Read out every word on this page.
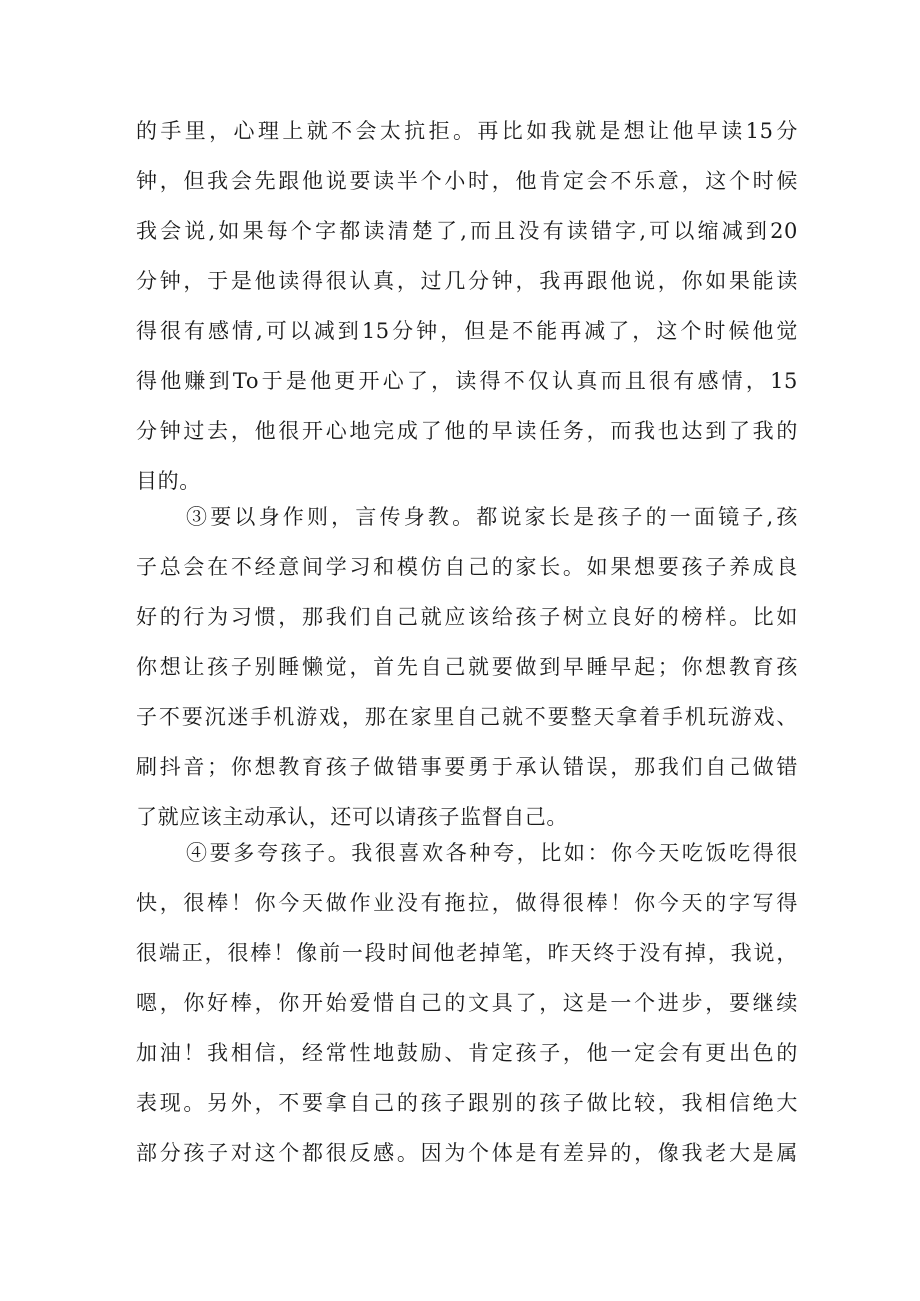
的手里，心理上就不会太抗拒。再比如我就是想让他早读15分
钟，但我会先跟他说要读半个小时，他肯定会不乐意，这个时候
我会说,如果每个字都读清楚了,而且没有读错字,可以缩减到20
分钟，于是他读得很认真，过几分钟，我再跟他说，你如果能读
得很有感情,可以减到15分钟，但是不能再减了，这个时候他觉
得他赚到To于是他更开心了，读得不仅认真而且很有感情，15
分钟过去，他很开心地完成了他的早读任务，而我也达到了我的
目的。
③要以身作则，言传身教。都说家长是孩子的一面镜子,孩
子总会在不经意间学习和模仿自己的家长。如果想要孩子养成良
好的行为习惯，那我们自己就应该给孩子树立良好的榜样。比如
你想让孩子别睡懒觉，首先自己就要做到早睡早起；你想教育孩
子不要沉迷手机游戏，那在家里自己就不要整天拿着手机玩游戏、
刷抖音；你想教育孩子做错事要勇于承认错误，那我们自己做错
了就应该主动承认，还可以请孩子监督自己。
④要多夸孩子。我很喜欢各种夸，比如：你今天吃饭吃得很
快，很棒！你今天做作业没有拖拉，做得很棒！你今天的字写得
很端正，很棒！像前一段时间他老掉笔，昨天终于没有掉，我说，
嗯，你好棒，你开始爱惜自己的文具了，这是一个进步，要继续
加油！我相信，经常性地鼓励、肯定孩子，他一定会有更出色的
表现。另外，不要拿自己的孩子跟别的孩子做比较，我相信绝大
部分孩子对这个都很反感。因为个体是有差异的，像我老大是属
